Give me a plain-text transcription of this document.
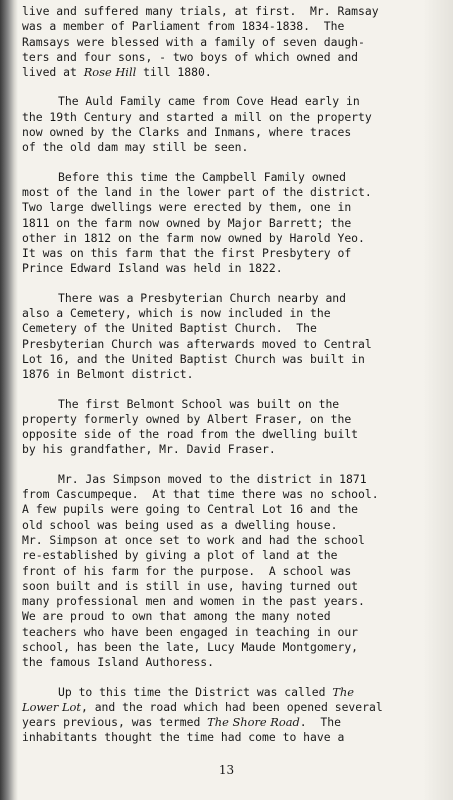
live and suffered many trials, at first.  Mr. Ramsay
was a member of Parliament from 1834-1838.  The
Ramsays were blessed with a family of seven daugh-
ters and four sons, - two boys of which owned and
lived at Rose Hill till 1880.
The Auld Family came from Cove Head early in
the 19th Century and started a mill on the property
now owned by the Clarks and Inmans, where traces
of the old dam may still be seen.
Before this time the Campbell Family owned
most of the land in the lower part of the district.
Two large dwellings were erected by them, one in
1811 on the farm now owned by Major Barrett; the
other in 1812 on the farm now owned by Harold Yeo.
It was on this farm that the first Presbytery of
Prince Edward Island was held in 1822.
There was a Presbyterian Church nearby and
also a Cemetery, which is now included in the
Cemetery of the United Baptist Church.  The
Presbyterian Church was afterwards moved to Central
Lot 16, and the United Baptist Church was built in
1876 in Belmont district.
The first Belmont School was built on the
property formerly owned by Albert Fraser, on the
opposite side of the road from the dwelling built
by his grandfather, Mr. David Fraser.
Mr. Jas Simpson moved to the district in 1871
from Cascumpeque.  At that time there was no school.
A few pupils were going to Central Lot 16 and the
old school was being used as a dwelling house.
Mr. Simpson at once set to work and had the school
re-established by giving a plot of land at the
front of his farm for the purpose.  A school was
soon built and is still in use, having turned out
many professional men and women in the past years.
We are proud to own that among the many noted
teachers who have been engaged in teaching in our
school, has been the late, Lucy Maude Montgomery,
the famous Island Authoress.
Up to this time the District was called The
Lower Lot, and the road which had been opened several
years previous, was termed The Shore Road.  The
inhabitants thought the time had come to have a
13
